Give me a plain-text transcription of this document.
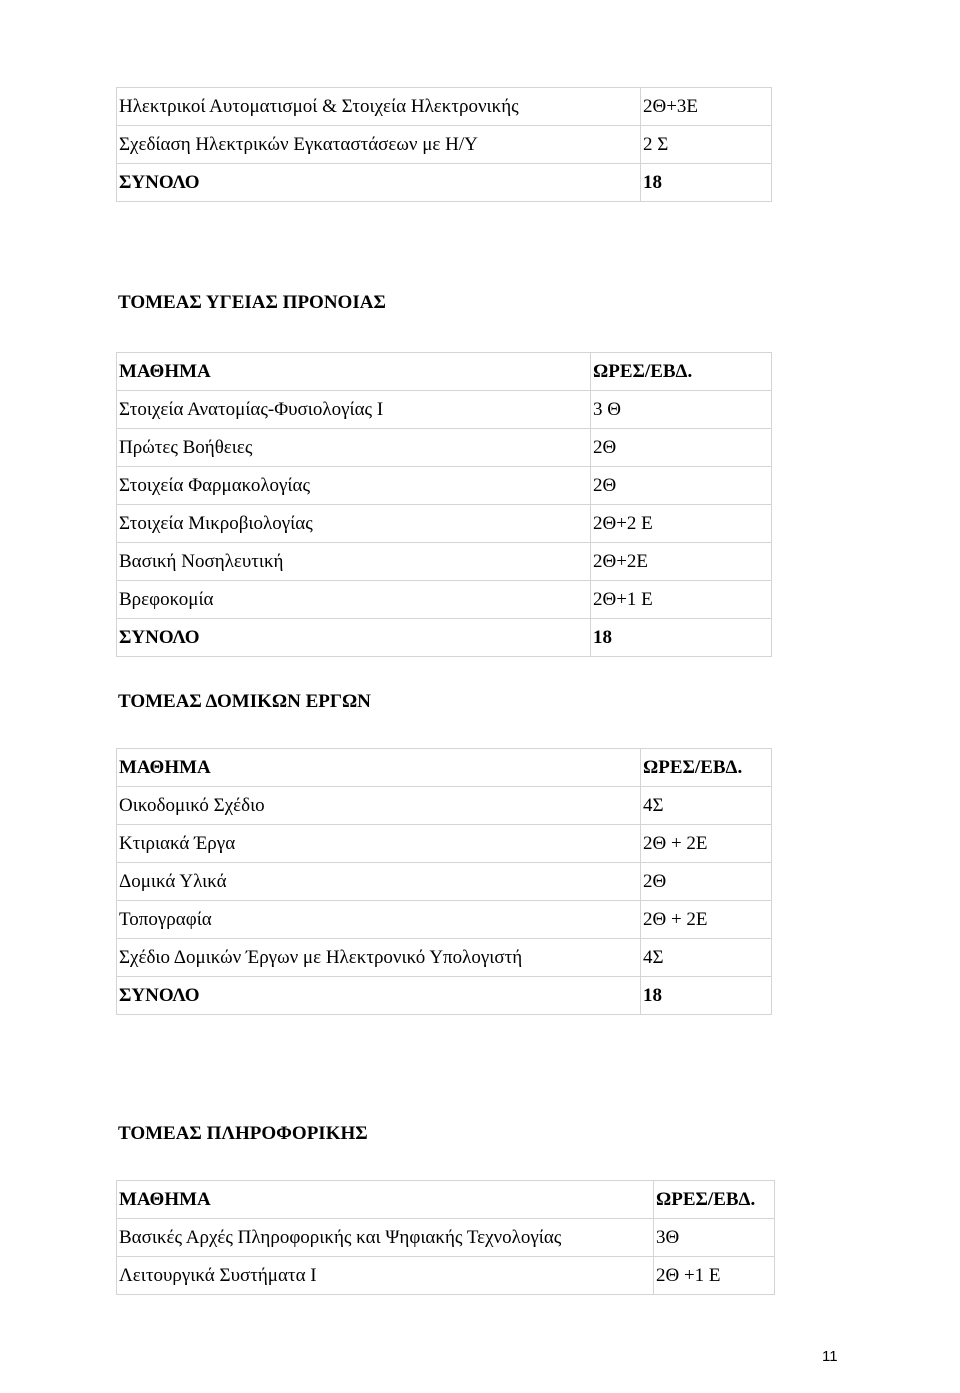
Ηλεκτρικοί Αυτοματισμοί & Στοιχεία Ηλεκτρονικής	2Θ+3Ε
Σχεδίαση Ηλεκτρικών Εγκαταστάσεων με Η/Υ	2 Σ
ΣΥΝΟΛΟ	18
ΤΟΜΕΑΣ ΥΓΕΙΑΣ ΠΡΟΝΟΙΑΣ
ΜΑΘΗΜΑ	ΩΡΕΣ/ΕΒΔ.
Στοιχεία Ανατομίας-Φυσιολογίας Ι	3 Θ
Πρώτες Βοήθειες	2Θ
Στοιχεία Φαρμακολογίας	2Θ
Στοιχεία Μικροβιολογίας	2Θ+2 Ε
Βασική Νοσηλευτική	2Θ+2Ε
Βρεφοκομία	2Θ+1 Ε
ΣΥΝΟΛΟ	18
ΤΟΜΕΑΣ ΔΟΜΙΚΩΝ ΕΡΓΩΝ
ΜΑΘΗΜΑ	ΩΡΕΣ/ΕΒΔ.
Οικοδομικό Σχέδιο	4Σ
Κτιριακά Έργα	2Θ + 2Ε
Δομικά Υλικά	2Θ
Τοπογραφία	2Θ + 2Ε
Σχέδιο Δομικών Έργων με Ηλεκτρονικό Υπολογιστή	4Σ
ΣΥΝΟΛΟ	18
ΤΟΜΕΑΣ ΠΛΗΡΟΦΟΡΙΚΗΣ
ΜΑΘΗΜΑ	ΩΡΕΣ/ΕΒΔ.
Βασικές Αρχές Πληροφορικής και Ψηφιακής Τεχνολογίας	3Θ
Λειτουργικά Συστήματα Ι	2Θ +1 Ε
11
